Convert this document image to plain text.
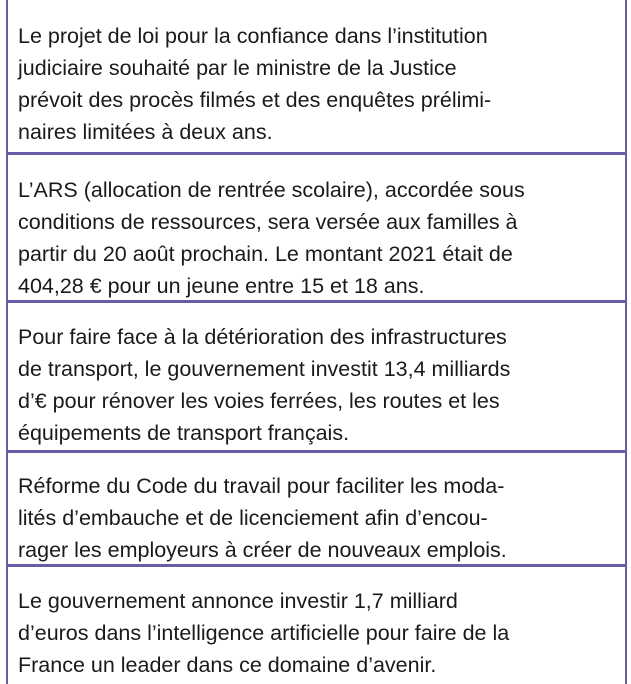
Le projet de loi pour la confiance dans l’institution
judiciaire souhaité par le ministre de la Justice
prévoit des procès filmés et des enquêtes prélimi-
naires limitées à deux ans.
L’ARS (allocation de rentrée scolaire), accordée sous
conditions de ressources, sera versée aux familles à
partir du 20 août prochain. Le montant 2021 était de
404,28 € pour un jeune entre 15 et 18 ans.
Pour faire face à la détérioration des infrastructures
de transport, le gouvernement investit 13,4 milliards
d’€ pour rénover les voies ferrées, les routes et les
équipements de transport français.
Réforme du Code du travail pour faciliter les moda-
lités d’embauche et de licenciement afin d’encou-
rager les employeurs à créer de nouveaux emplois.
Le gouvernement annonce investir 1,7 milliard
d’euros dans l’intelligence artificielle pour faire de la
France un leader dans ce domaine d’avenir.
